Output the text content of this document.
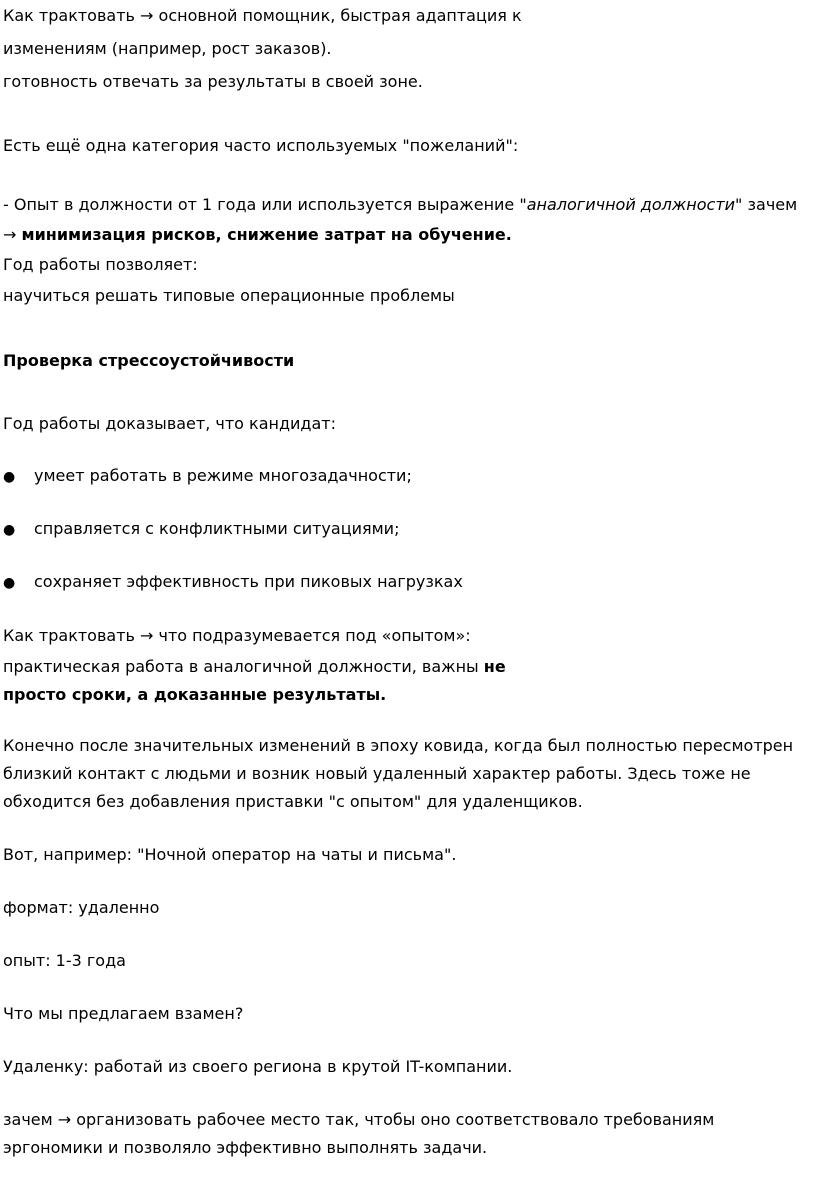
Как трактовать → основной помощник, быстрая адаптация к
изменениям (например, рост заказов).
готовность отвечать за результаты в своей зоне.
Есть ещё одна категория часто используемых "пожеланий":
- Опыт в должности от 1 года или используется выражение "аналогичной должности" зачем
→ минимизация рисков, снижение затрат на обучение.
Год работы позволяет:
научиться решать типовые операционные проблемы
Проверка стрессоустойчивости
Год работы доказывает, что кандидат:
● умеет работать в режиме многозадачности;
● справляется с конфликтными ситуациями;
● сохраняет эффективность при пиковых нагрузках
Как трактовать → что подразумевается под «опытом»:
практическая работа в аналогичной должности, важны не
просто сроки, а доказанные результаты.
Конечно после значительных изменений в эпоху ковида, когда был полностью пересмотрен
близкий контакт с людьми и возник новый удаленный характер работы. Здесь тоже не
обходится без добавления приставки "с опытом" для удаленщиков.
Вот, например: "Ночной оператор на чаты и письма".
формат: удаленно
опыт: 1-3 года
Что мы предлагаем взамен?
Удаленку: работай из своего региона в крутой IT-компании.
зачем → организовать рабочее место так, чтобы оно соответствовало требованиям
эргономики и позволяло эффективно выполнять задачи.
